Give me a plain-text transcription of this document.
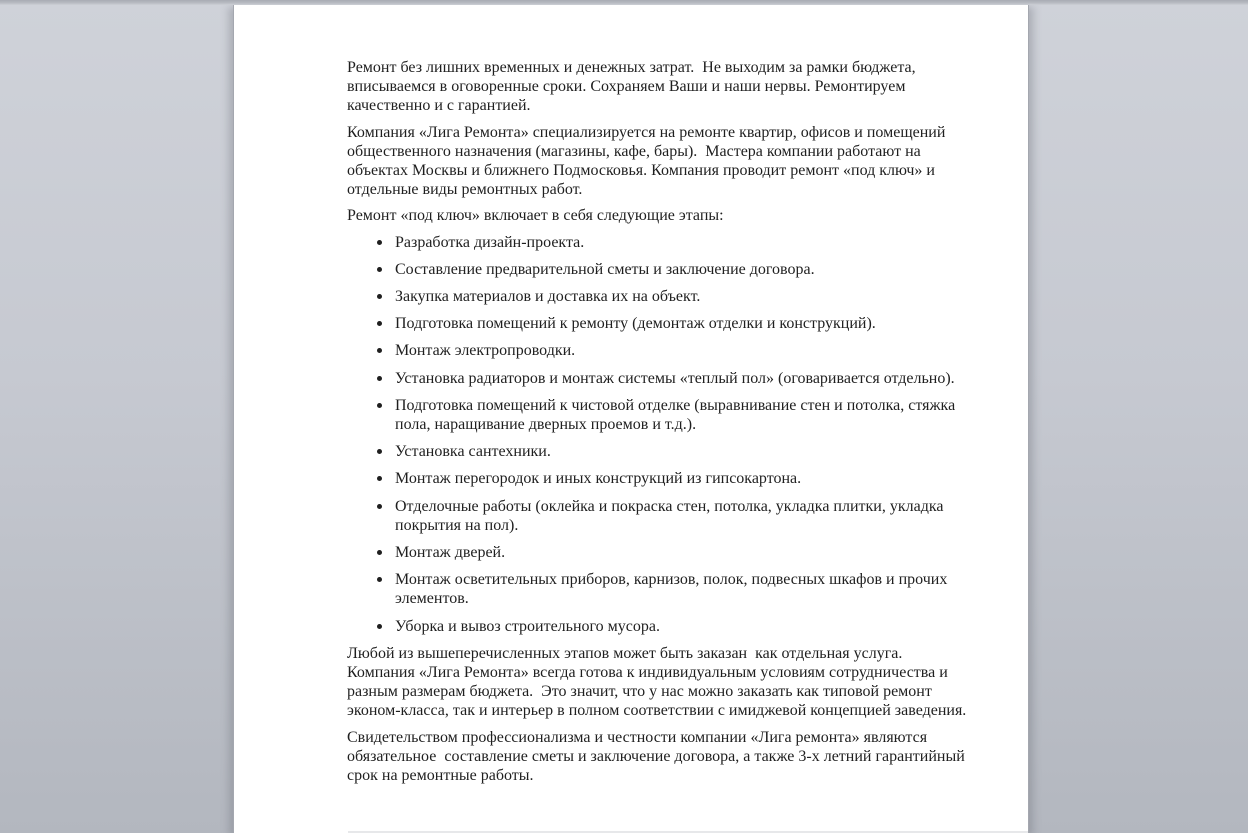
Ремонт без лишних временных и денежных затрат.  Не выходим за рамки бюджета, вписываемся в оговоренные сроки. Сохраняем Ваши и наши нервы. Ремонтируем качественно и с гарантией.

Компания «Лига Ремонта» специализируется на ремонте квартир, офисов и помещений общественного назначения (магазины, кафе, бары).  Мастера компании работают на объектах Москвы и ближнего Подмосковья. Компания проводит ремонт «под ключ» и отдельные виды ремонтных работ.

Ремонт «под ключ» включает в себя следующие этапы:

Разработка дизайн-проекта.
Составление предварительной сметы и заключение договора.
Закупка материалов и доставка их на объект.
Подготовка помещений к ремонту (демонтаж отделки и конструкций).
Монтаж электропроводки.
Установка радиаторов и монтаж системы «теплый пол» (оговаривается отдельно).
Подготовка помещений к чистовой отделке (выравнивание стен и потолка, стяжка пола, наращивание дверных проемов и т.д.).
Установка сантехники.
Монтаж перегородок и иных конструкций из гипсокартона.
Отделочные работы (оклейка и покраска стен, потолка, укладка плитки, укладка покрытия на пол).
Монтаж дверей.
Монтаж осветительных приборов, карнизов, полок, подвесных шкафов и прочих элементов.
Уборка и вывоз строительного мусора.

Любой из вышеперечисленных этапов может быть заказан  как отдельная услуга. Компания «Лига Ремонта» всегда готова к индивидуальным условиям сотрудничества и разным размерам бюджета.  Это значит, что у нас можно заказать как типовой ремонт эконом-класса, так и интерьер в полном соответствии с имиджевой концепцией заведения.

Свидетельством профессионализма и честности компании «Лига ремонта» являются обязательное  составление сметы и заключение договора, а также 3-х летний гарантийный срок на ремонтные работы.
